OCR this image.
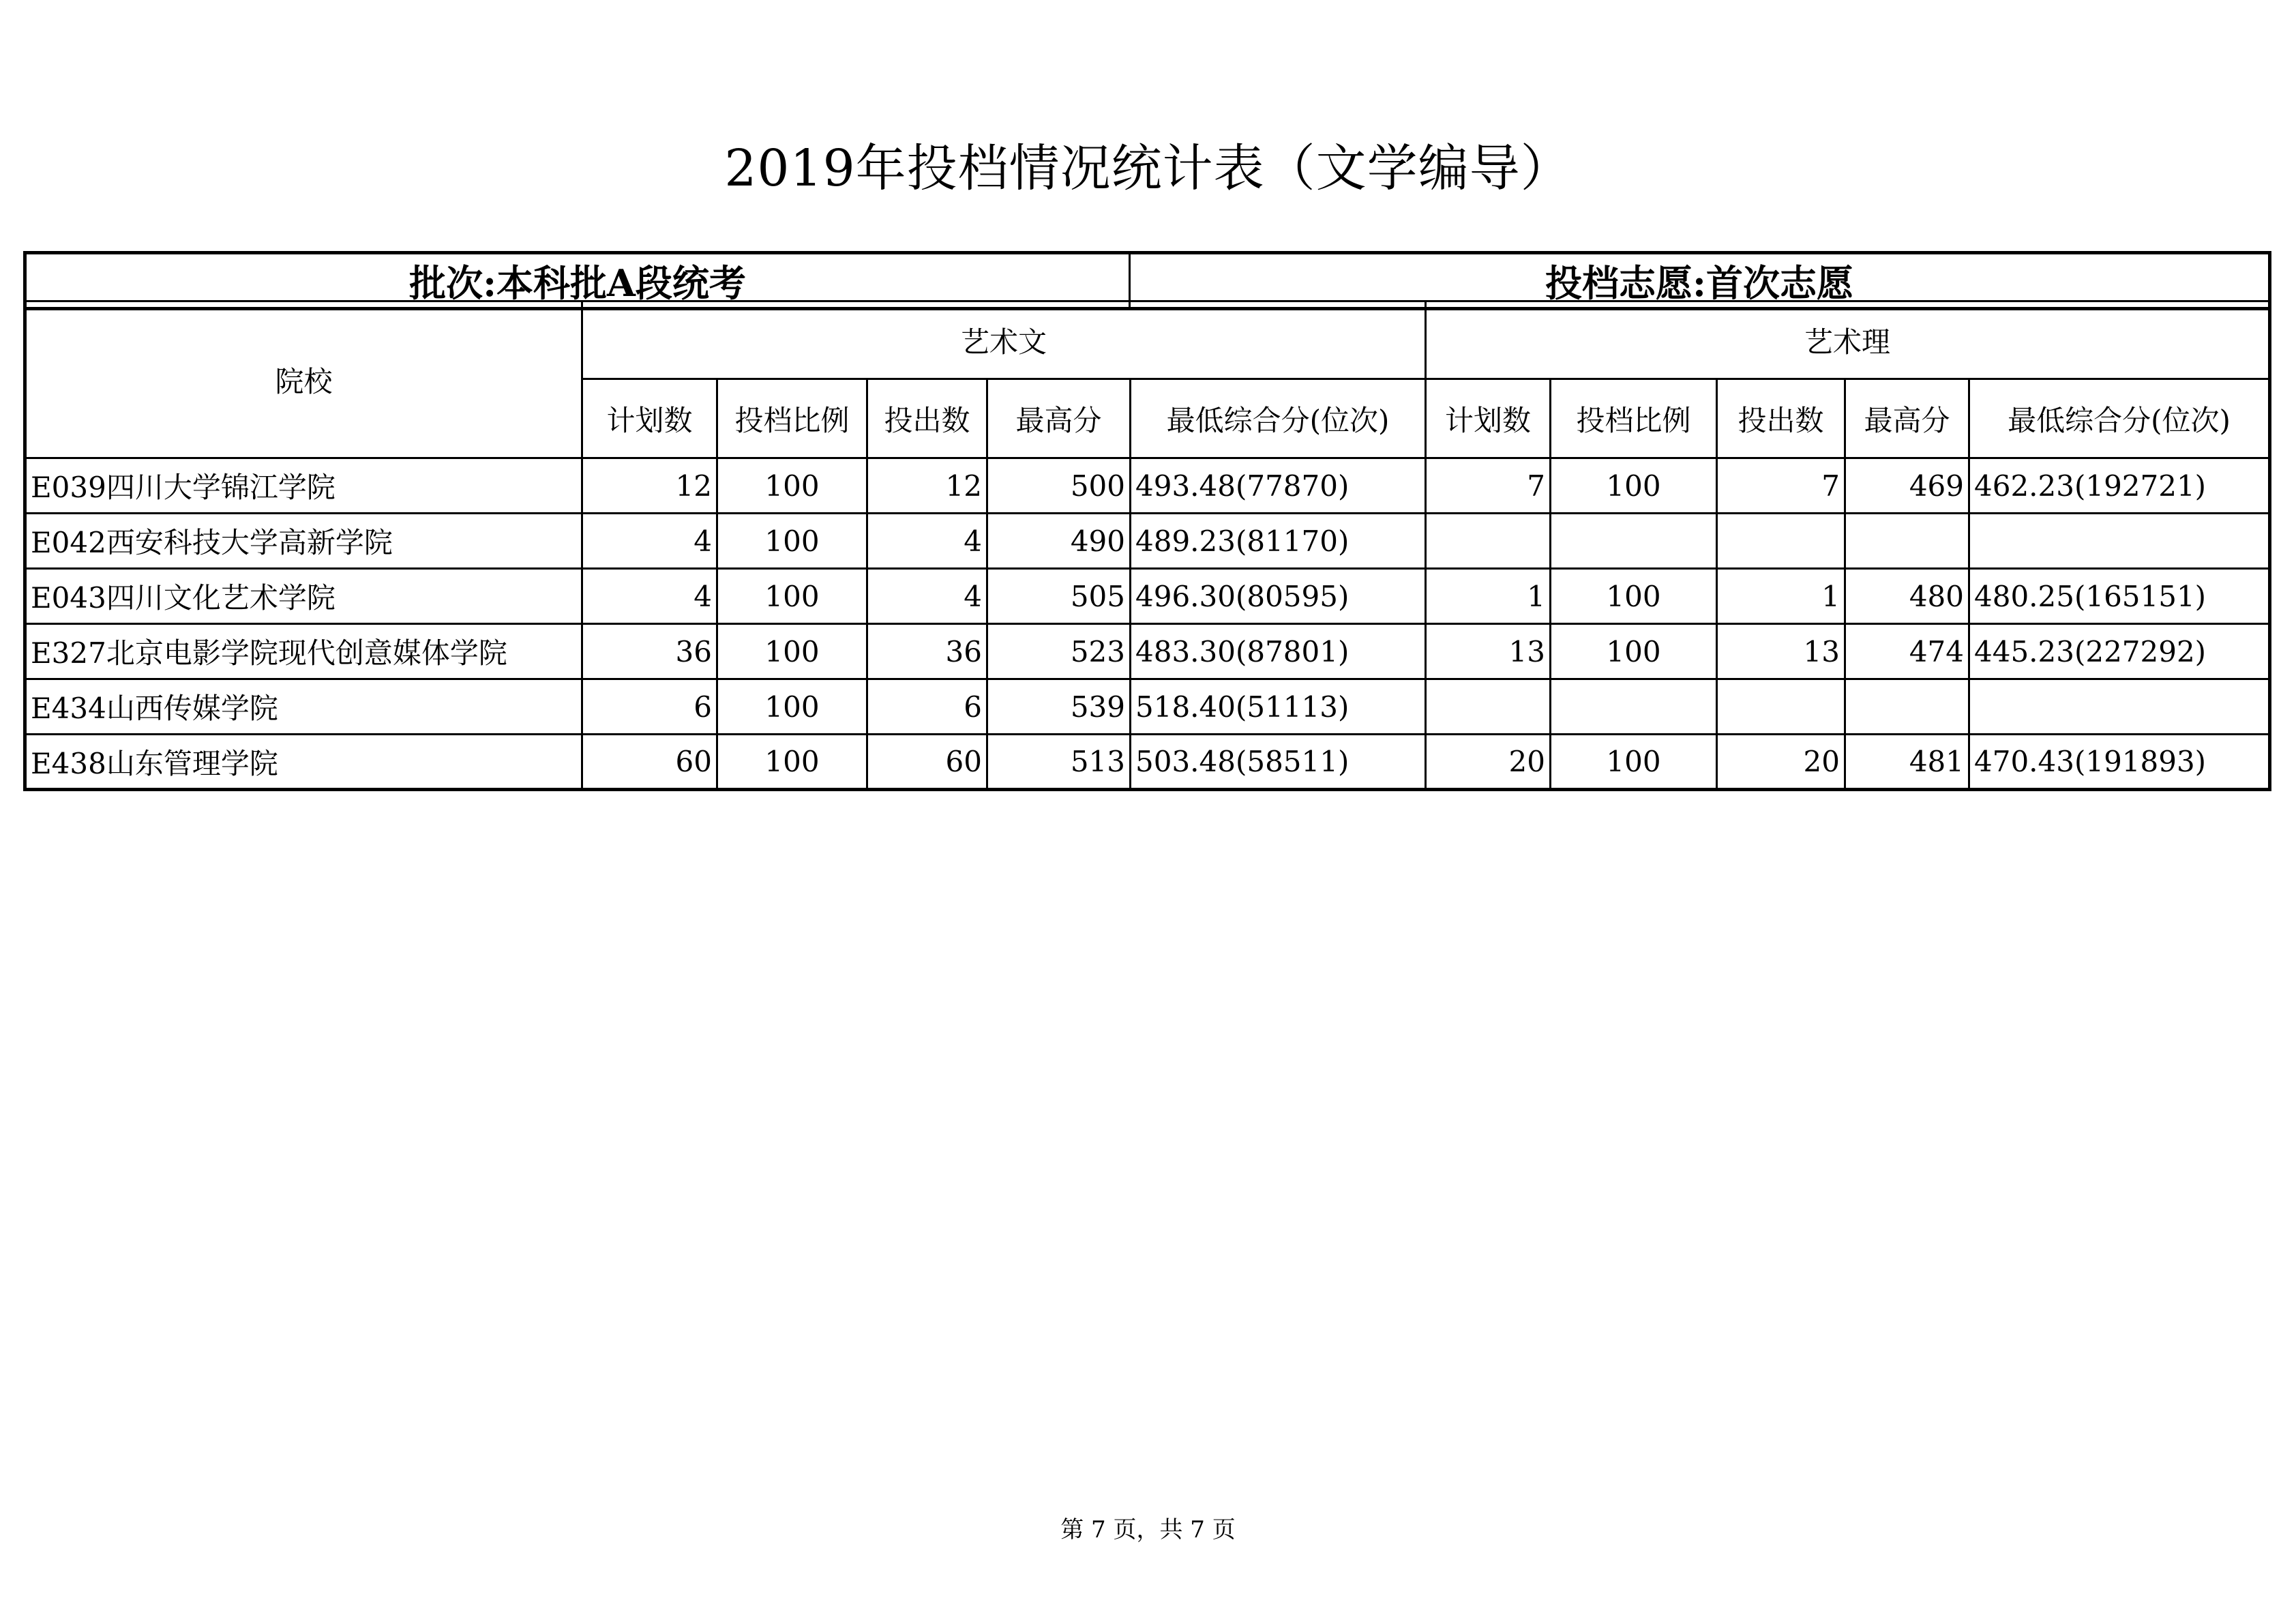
2019年投档情况统计表（文学编导）
批次:本科批A段统考	投档志愿:首次志愿
院校	艺术文					艺术理				
	计划数	投档比例	投出数	最高分	最低综合分(位次)	计划数	投档比例	投出数	最高分	最低综合分(位次)
E039四川大学锦江学院	12	100	12	500	493.48(77870)	7	100	7	469	462.23(192721)
E042西安科技大学高新学院	4	100	4	490	489.23(81170)					
E043四川文化艺术学院	4	100	4	505	496.30(80595)	1	100	1	480	480.25(165151)
E327北京电影学院现代创意媒体学院	36	100	36	523	483.30(87801)	13	100	13	474	445.23(227292)
E434山西传媒学院	6	100	6	539	518.40(51113)					
E438山东管理学院	60	100	60	513	503.48(58511)	20	100	20	481	470.43(191893)
第 7 页，共 7 页
